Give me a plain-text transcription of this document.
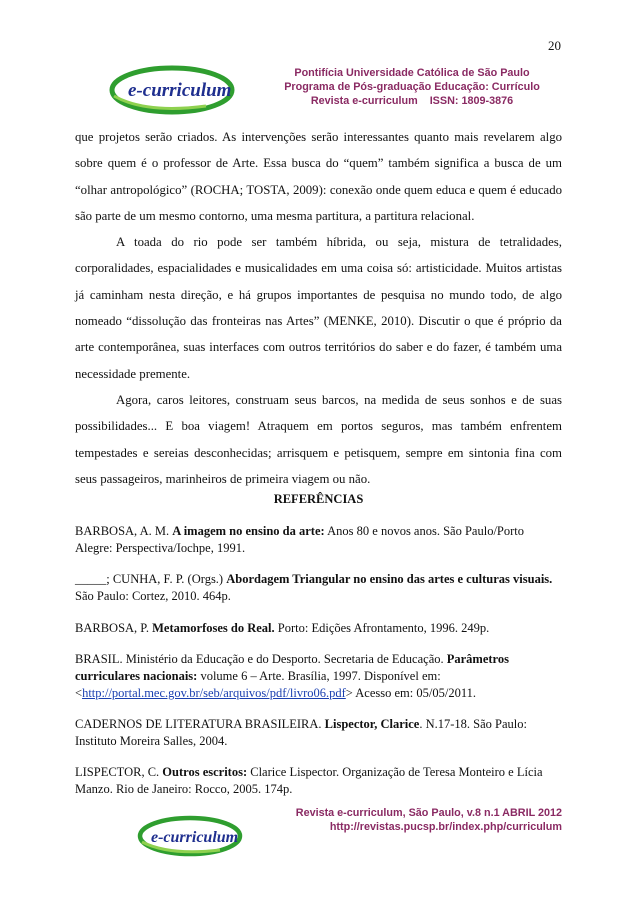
20
e-curriculum
Pontifícia Universidade Católica de São Paulo
Programa de Pós-graduação Educação: Currículo
Revista e-curriculum ISSN: 1809-3876

que projetos serão criados. As intervenções serão interessantes quanto mais revelarem algo sobre quem é o professor de Arte. Essa busca do “quem” também significa a busca de um “olhar antropológico” (ROCHA; TOSTA, 2009): conexão onde quem educa e quem é educado são parte de um mesmo contorno, uma mesma partitura, a partitura relacional.

A toada do rio pode ser também híbrida, ou seja, mistura de tetralidades, corporalidades, espacialidades e musicalidades em uma coisa só: artisticidade. Muitos artistas já caminham nesta direção, e há grupos importantes de pesquisa no mundo todo, de algo nomeado “dissolução das fronteiras nas Artes” (MENKE, 2010). Discutir o que é próprio da arte contemporânea, suas interfaces com outros territórios do saber e do fazer, é também uma necessidade premente.

Agora, caros leitores, construam seus barcos, na medida de seus sonhos e de suas possibilidades... E boa viagem! Atraquem em portos seguros, mas também enfrentem tempestades e sereias desconhecidas; arrisquem e petisquem, sempre em sintonia fina com seus passageiros, marinheiros de primeira viagem ou não.

REFERÊNCIAS

BARBOSA, A. M. A imagem no ensino da arte: Anos 80 e novos anos. São Paulo/Porto Alegre: Perspectiva/Iochpe, 1991.

_____; CUNHA, F. P. (Orgs.) Abordagem Triangular no ensino das artes e culturas visuais. São Paulo: Cortez, 2010. 464p.

BARBOSA, P. Metamorfoses do Real. Porto: Edições Afrontamento, 1996. 249p.

BRASIL. Ministério da Educação e do Desporto. Secretaria de Educação. Parâmetros curriculares nacionais: volume 6 – Arte. Brasília, 1997. Disponível em:
<http://portal.mec.gov.br/seb/arquivos/pdf/livro06.pdf> Acesso em: 05/05/2011.

CADERNOS DE LITERATURA BRASILEIRA. Lispector, Clarice. N.17-18. São Paulo: Instituto Moreira Salles, 2004.

LISPECTOR, C. Outros escritos: Clarice Lispector. Organização de Teresa Monteiro e Lícia Manzo. Rio de Janeiro: Rocco, 2005. 174p.

e-curriculum
Revista e-curriculum, São Paulo, v.8 n.1 ABRIL 2012
http://revistas.pucsp.br/index.php/curriculum
